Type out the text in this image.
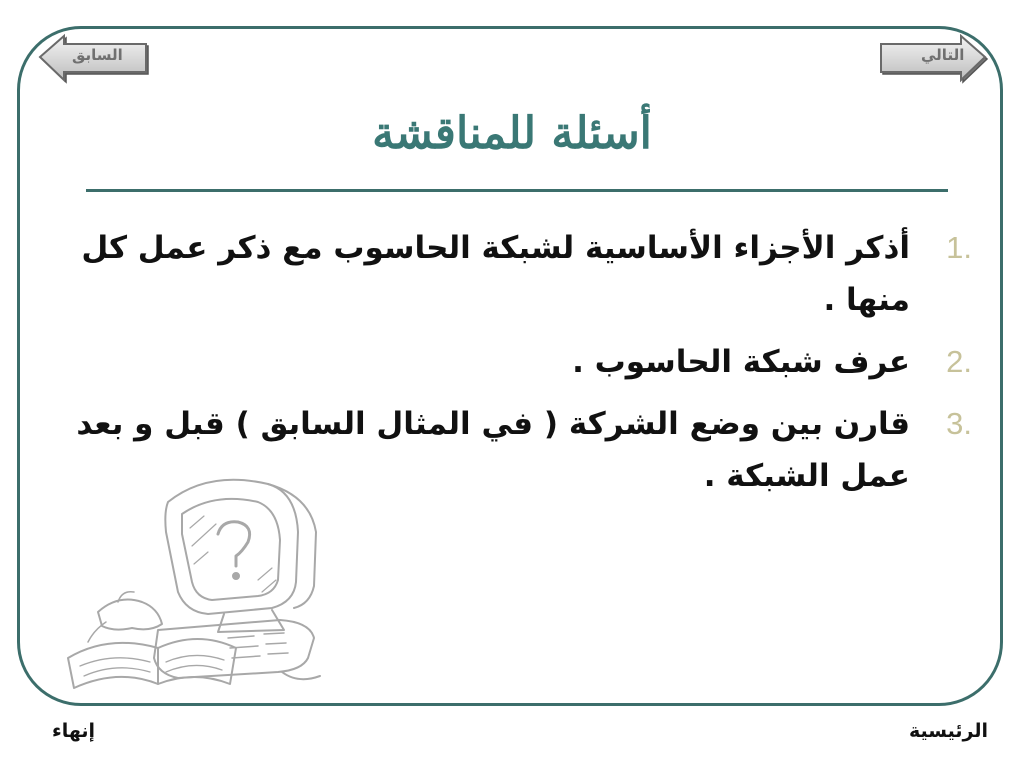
السابق	التالي
أسئلة للمناقشة
1.
أذكر الأجزاء الأساسية لشبكة الحاسوب مع ذكر عمل كل منها .
2.
عرف شبكة الحاسوب .
3.
قارن بين وضع الشركة ( في المثال السابق ) قبل و بعد عمل الشبكة .
الرئيسية
إنهاء
